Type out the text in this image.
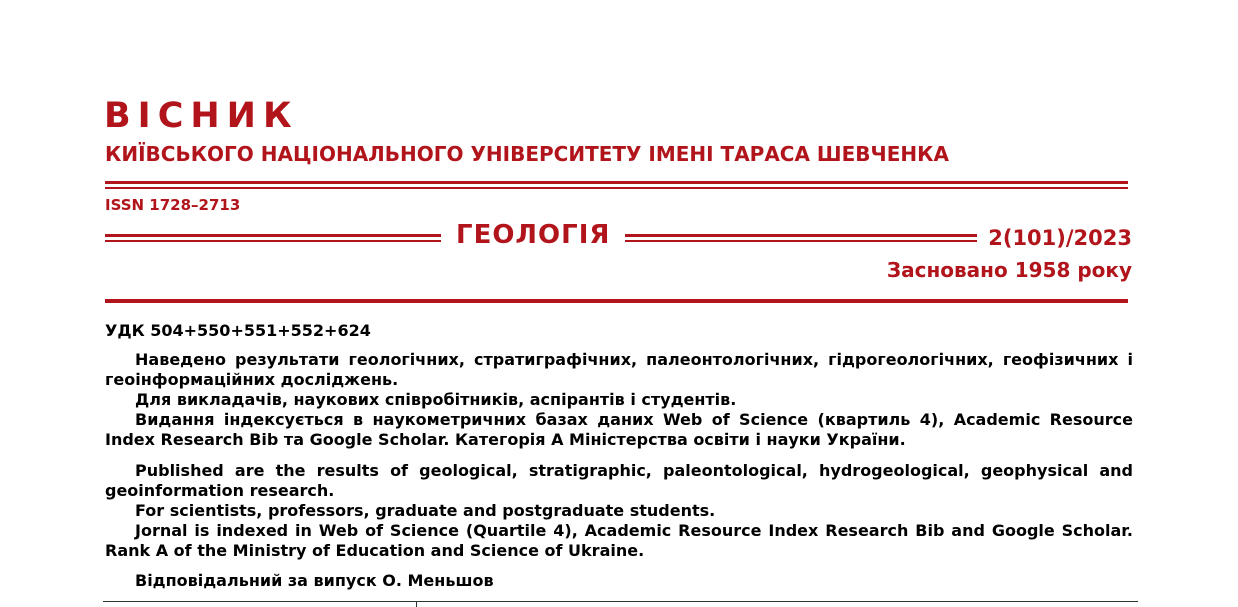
ВІСНИК
КИЇВСЬКОГО НАЦІОНАЛЬНОГО УНІВЕРСИТЕТУ ІМЕНІ ТАРАСА ШЕВЧЕНКА
ISSN 1728–2713
ГЕОЛОГІЯ	2(101)/2023
Засновано 1958 року
УДК 504+550+551+552+624

Наведено результати геологічних, стратиграфічних, палеонтологічних, гідрогеологічних, геофізичних і геоінформаційних досліджень.

Для викладачів, наукових співробітників, аспірантів і студентів.

Видання індексується в наукометричних базах даних Web of Science (квартиль 4), Academic Resource Index Research Bib та Google Scholar. Категорія А Міністерства освіти і науки України.

Published are the results of geological, stratigraphic, paleontological, hydrogeological, geophysical and geoinformation research.

For scientists, professors, graduate and postgraduate students.

Jornal is indexed in Web of Science (Quartile 4), Academic Resource Index Research Bib and Google Scholar. Rank A of the Ministry of Education and Science of Ukraine.

Відповідальний за випуск О. Меньшов
